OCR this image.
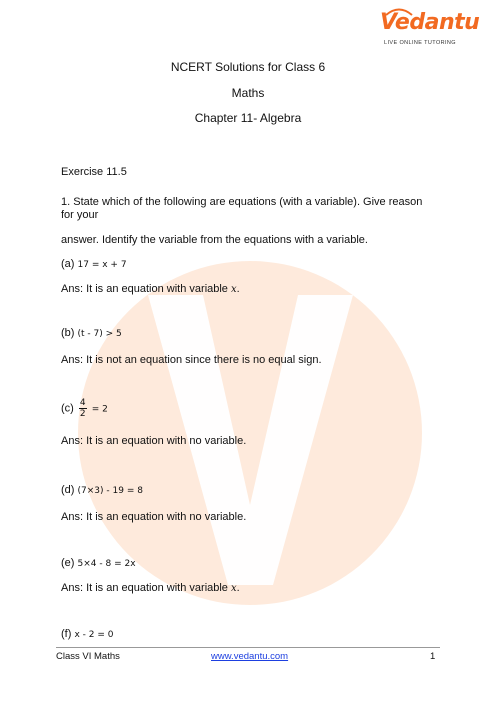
Vedantu
LIVE ONLINE TUTORING
NCERT Solutions for Class 6
Maths
Chapter 11- Algebra
Exercise 11.5
1. State which of the following are equations (with a variable). Give reason
for your
answer. Identify the variable from the equations with a variable.
(a) 17 = x + 7
Ans: It is an equation with variable x.
(b) (t - 7) > 5
Ans: It is not an equation since there is no equal sign.
$(c) \frac{4}{2} = 2$
Ans: It is an equation with no variable.
(d) (7×3) - 19 = 8
Ans: It is an equation with no variable.
(e) 5×4 - 8 = 2x
Ans: It is an equation with variable x.
(f) x - 2 = 0
Class VI Maths	www.vedantu.com	1
